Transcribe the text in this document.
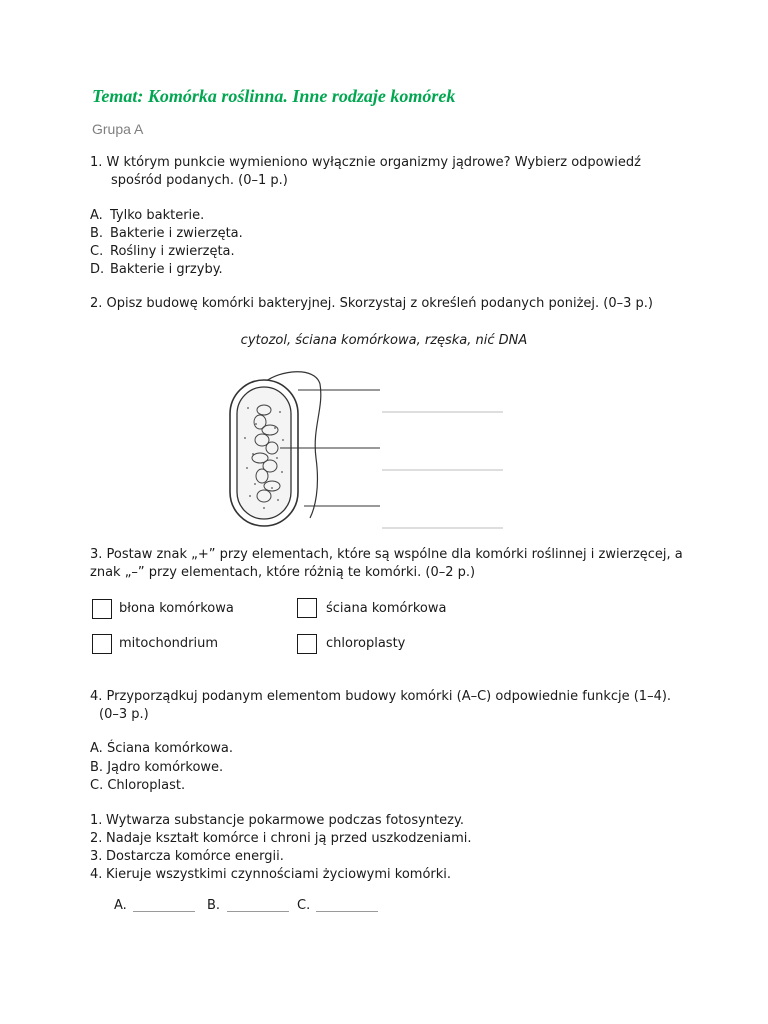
Temat: Komórka roślinna. Inne rodzaje komórek
Grupa A
1. W którym punkcie wymieniono wyłącznie organizmy jądrowe? Wybierz odpowiedź
spośród podanych. (0–1 p.)
A. Tylko bakterie.
B. Bakterie i zwierzęta.
C. Rośliny i zwierzęta.
D. Bakterie i grzyby.
2. Opisz budowę komórki bakteryjnej. Skorzystaj z określeń podanych poniżej. (0–3 p.)
cytozol, ściana komórkowa, rzęska, nić DNA
3. Postaw znak „+” przy elementach, które są wspólne dla komórki roślinnej i zwierzęcej, a
znak „–” przy elementach, które różnią te komórki. (0–2 p.)
błona komórkowa	ściana komórkowa
mitochondrium	chloroplasty
4. Przyporządkuj podanym elementom budowy komórki (A–C) odpowiednie funkcje (1–4).
(0–3 p.)
A. Ściana komórkowa.
B. Jądro komórkowe.
C. Chloroplast.
1. Wytwarza substancje pokarmowe podczas fotosyntezy.
2. Nadaje kształt komórce i chroni ją przed uszkodzeniami.
3. Dostarcza komórce energii.
4. Kieruje wszystkimi czynnościami życiowymi komórki.
A.	B.	C.
